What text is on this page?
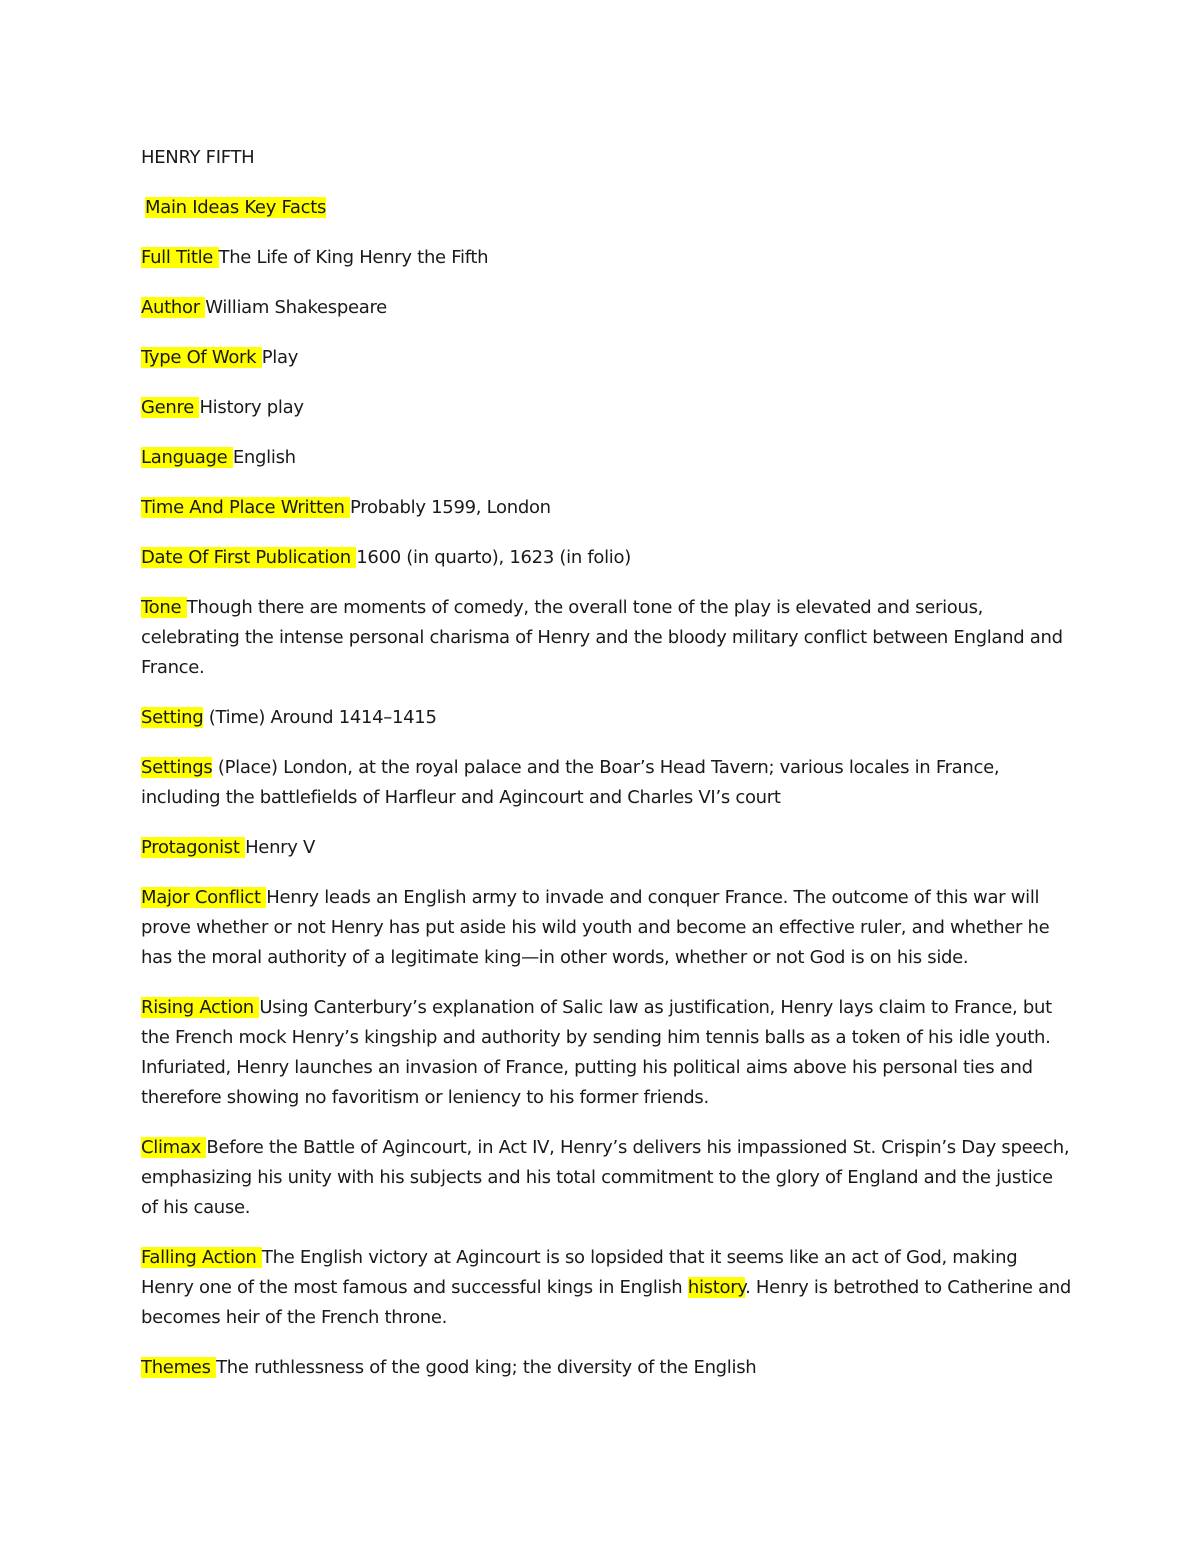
HENRY FIFTH

Main Ideas Key Facts

Full Title The Life of King Henry the Fifth

Author William Shakespeare

Type Of Work Play

Genre History play

Language English

Time And Place Written Probably 1599, London

Date Of First Publication 1600 (in quarto), 1623 (in folio)

Tone Though there are moments of comedy, the overall tone of the play is elevated and serious, celebrating the intense personal charisma of Henry and the bloody military conflict between England and France.

Setting (Time) Around 1414–1415

Settings (Place) London, at the royal palace and the Boar’s Head Tavern; various locales in France, including the battlefields of Harfleur and Agincourt and Charles VI’s court

Protagonist Henry V

Major Conflict Henry leads an English army to invade and conquer France. The outcome of this war will prove whether or not Henry has put aside his wild youth and become an effective ruler, and whether he has the moral authority of a legitimate king—in other words, whether or not God is on his side.

Rising Action Using Canterbury’s explanation of Salic law as justification, Henry lays claim to France, but the French mock Henry’s kingship and authority by sending him tennis balls as a token of his idle youth. Infuriated, Henry launches an invasion of France, putting his political aims above his personal ties and therefore showing no favoritism or leniency to his former friends.

Climax Before the Battle of Agincourt, in Act IV, Henry’s delivers his impassioned St. Crispin’s Day speech, emphasizing his unity with his subjects and his total commitment to the glory of England and the justice of his cause.

Falling Action The English victory at Agincourt is so lopsided that it seems like an act of God, making Henry one of the most famous and successful kings in English history. Henry is betrothed to Catherine and becomes heir of the French throne.

Themes The ruthlessness of the good king; the diversity of the English
